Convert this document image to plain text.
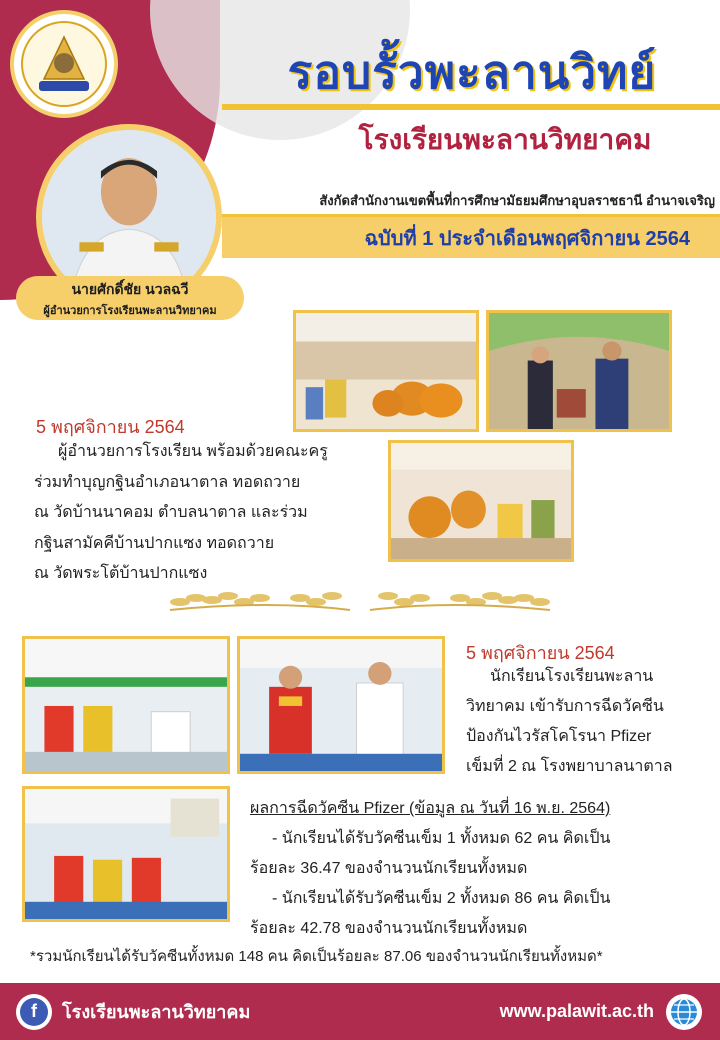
รอบรั้วพะลานวิทย์
โรงเรียนพะลานวิทยาคม
สังกัดสำนักงานเขตพื้นที่การศึกษามัธยมศึกษาอุบลราชธานี อำนาจเจริญ
ฉบับที่ 1 ประจำเดือนพฤศจิกายน 2564
นายศักดิ์ชัย นวลฉวี
ผู้อำนวยการโรงเรียนพะลานวิทยาคม
5 พฤศจิกายน 2564
ผู้อำนวยการโรงเรียน พร้อมด้วยคณะครู
ร่วมทำบุญกฐินอำเภอนาตาล ทอดถวาย
ณ วัดบ้านนาคอม ตำบลนาตาล และร่วม
กฐินสามัคคีบ้านปากแซง ทอดถวาย
ณ วัดพระโต้บ้านปากแซง
5 พฤศจิกายน 2564
นักเรียนโรงเรียนพะลาน
วิทยาคม เข้ารับการฉีดวัคซีน
ป้องกันไวรัสโคโรนา Pfizer
เข็มที่ 2 ณ โรงพยาบาลนาตาล
ผลการฉีดวัคซีน Pfizer (ข้อมูล ณ วันที่ 16 พ.ย. 2564)
- นักเรียนได้รับวัคซีนเข็ม 1 ทั้งหมด 62 คน คิดเป็น
ร้อยละ 36.47 ของจำนวนนักเรียนทั้งหมด
- นักเรียนได้รับวัคซีนเข็ม 2 ทั้งหมด 86 คน คิดเป็น
ร้อยละ 42.78 ของจำนวนนักเรียนทั้งหมด
*รวมนักเรียนได้รับวัคซีนทั้งหมด 148 คน คิดเป็นร้อยละ 87.06 ของจำนวนนักเรียนทั้งหมด*
f	โรงเรียนพะลานวิทยาคม	www.palawit.ac.th
